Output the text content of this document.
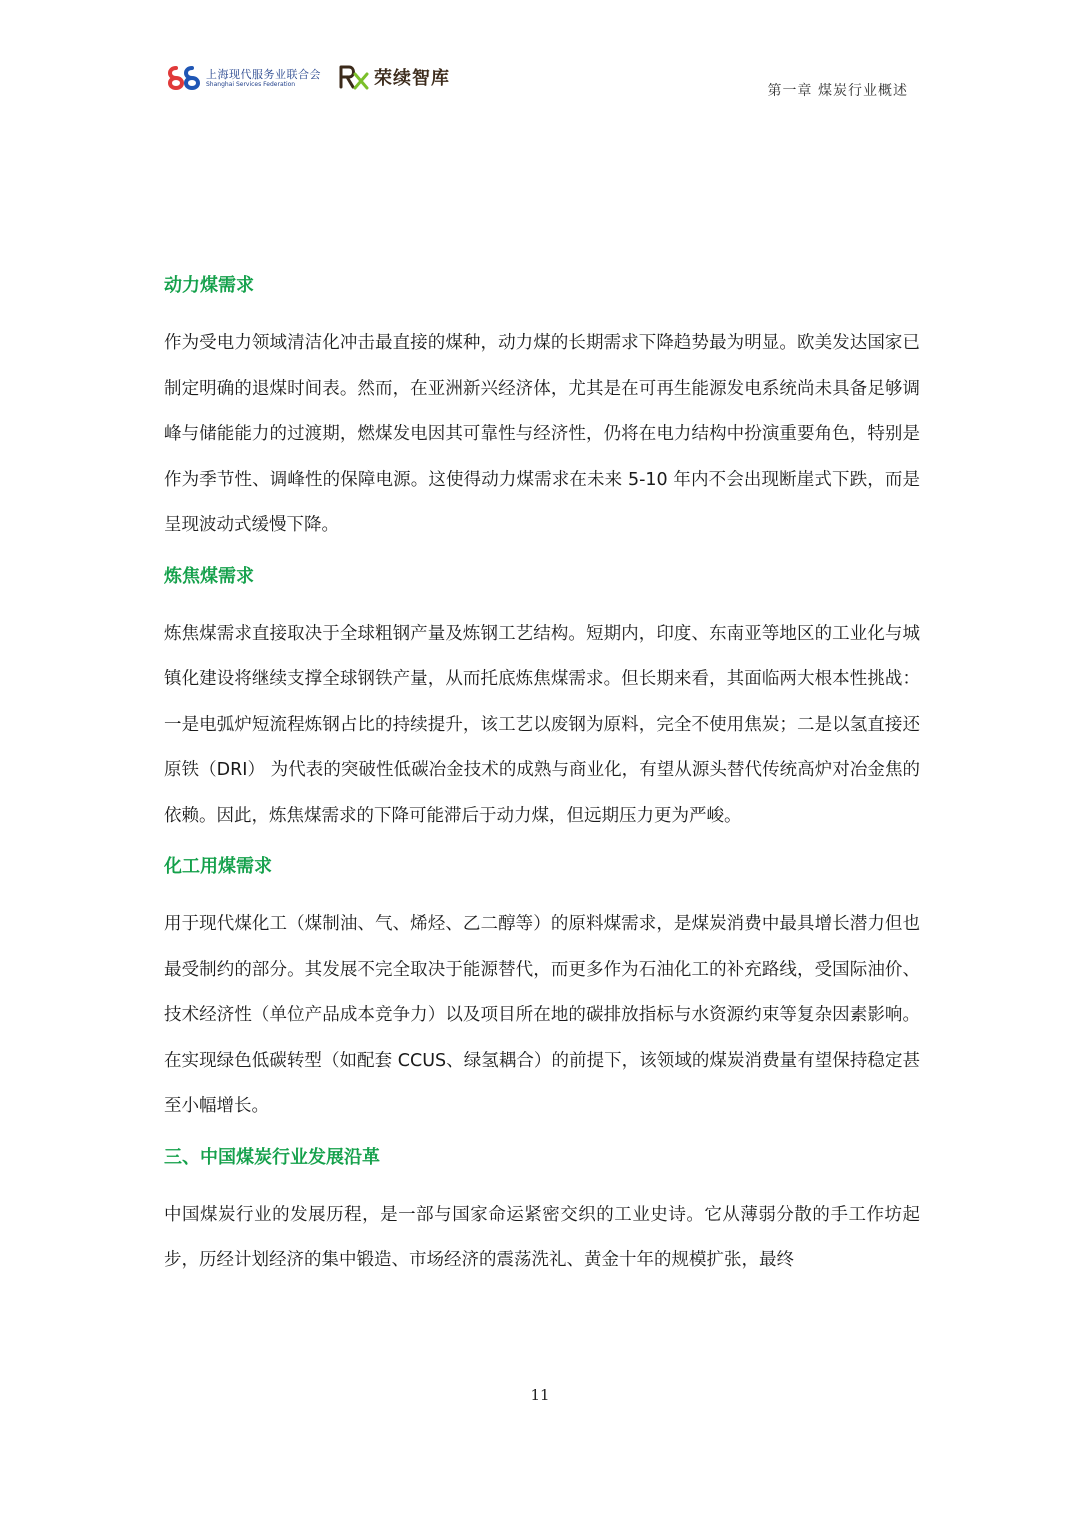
上海现代服务业联合会
Shanghai Services Federation	荣续智库
第一章 煤炭行业概述
动力煤需求

作为受电力领域清洁化冲击最直接的煤种，动力煤的长期需求下降趋势最为明显。欧美发达国家已制定明确的退煤时间表。然而，在亚洲新兴经济体，尤其是在可再生能源发电系统尚未具备足够调峰与储能能力的过渡期，燃煤发电因其可靠性与经济性，仍将在电力结构中扮演重要角色，特别是作为季节性、调峰性的保障电源。这使得动力煤需求在未来 5-10 年内不会出现断崖式下跌，而是呈现波动式缓慢下降。

炼焦煤需求

炼焦煤需求直接取决于全球粗钢产量及炼钢工艺结构。短期内，印度、东南亚等地区的工业化与城镇化建设将继续支撑全球钢铁产量，从而托底炼焦煤需求。但长期来看，其面临两大根本性挑战：一是电弧炉短流程炼钢占比的持续提升，该工艺以废钢为原料，完全不使用焦炭；二是以氢直接还原铁（DRI） 为代表的突破性低碳冶金技术的成熟与商业化，有望从源头替代传统高炉对冶金焦的依赖。因此，炼焦煤需求的下降可能滞后于动力煤，但远期压力更为严峻。

化工用煤需求

用于现代煤化工（煤制油、气、烯烃、乙二醇等）的原料煤需求，是煤炭消费中最具增长潜力但也最受制约的部分。其发展不完全取决于能源替代，而更多作为石油化工的补充路线，受国际油价、技术经济性（单位产品成本竞争力）以及项目所在地的碳排放指标与水资源约束等复杂因素影响。在实现绿色低碳转型（如配套 CCUS、绿氢耦合）的前提下，该领域的煤炭消费量有望保持稳定甚至小幅增长。

三、中国煤炭行业发展沿革

中国煤炭行业的发展历程，是一部与国家命运紧密交织的工业史诗。它从薄弱分散的手工作坊起步，历经计划经济的集中锻造、市场经济的震荡洗礼、黄金十年的规模扩张，最终

11
